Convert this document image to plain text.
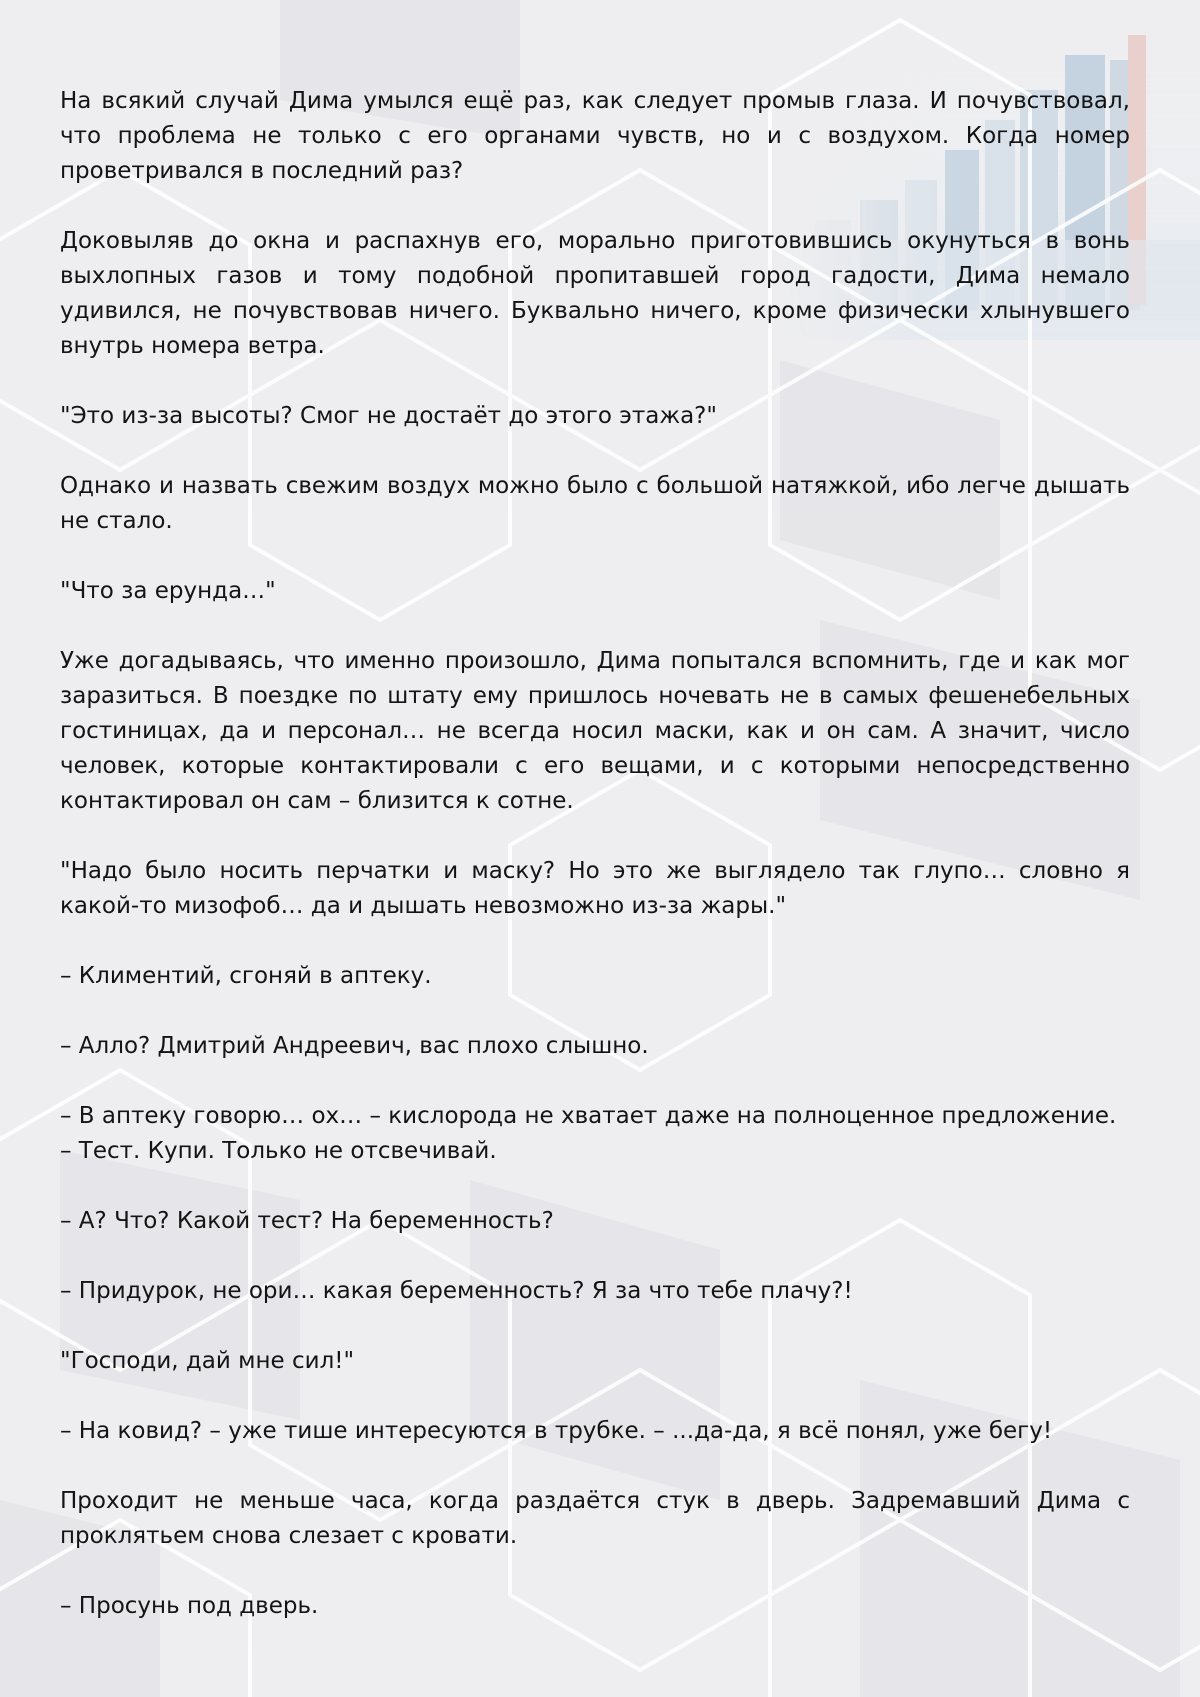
На всякий случай Дима умылся ещё раз, как следует промыв глаза. И почувствовал, что проблема не только с его органами чувств, но и с воздухом. Когда номер проветривался в последний раз?

Доковыляв до окна и распахнув его, морально приготовившись окунуться в вонь выхлопных газов и тому подобной пропитавшей город гадости, Дима немало удивился, не почувствовав ничего. Буквально ничего, кроме физически хлынувшего внутрь номера ветра.

"Это из-за высоты? Смог не достаёт до этого этажа?"

Однако и назвать свежим воздух можно было с большой натяжкой, ибо легче дышать не стало.

"Что за ерунда…"

Уже догадываясь, что именно произошло, Дима попытался вспомнить, где и как мог заразиться. В поездке по штату ему пришлось ночевать не в самых фешенебельных гостиницах, да и персонал… не всегда носил маски, как и он сам. А значит, число человек, которые контактировали с его вещами, и с которыми непосредственно контактировал он сам – близится к сотне.

"Надо было носить перчатки и маску? Но это же выглядело так глупо… словно я какой-то мизофоб… да и дышать невозможно из-за жары."

– Климентий, сгоняй в аптеку.

– Алло? Дмитрий Андреевич, вас плохо слышно.

– В аптеку говорю… ох… – кислорода не хватает даже на полноценное предложение.

– Тест. Купи. Только не отсвечивай.

– А? Что? Какой тест? На беременность?

– Придурок, не ори… какая беременность? Я за что тебе плачу?!

"Господи, дай мне сил!"

– На ковид? – уже тише интересуются в трубке. – ...да-да, я всё понял, уже бегу!

Проходит не меньше часа, когда раздаётся стук в дверь. Задремавший Дима с проклятьем снова слезает с кровати.

– Просунь под дверь.
